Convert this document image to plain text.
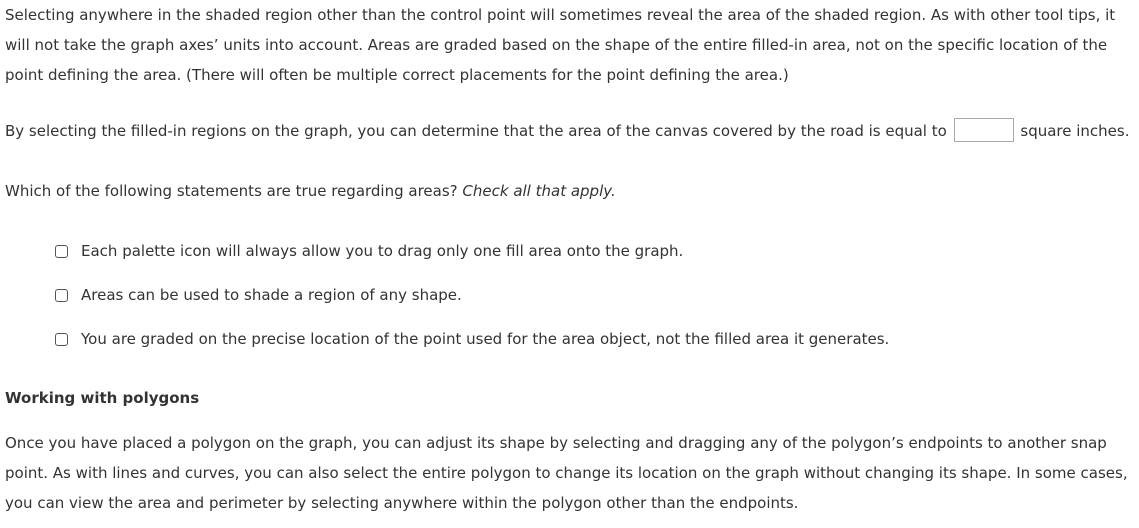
Selecting anywhere in the shaded region other than the control point will sometimes reveal the area of the shaded region. As with other tool tips, it will not take the graph axes’ units into account. Areas are graded based on the shape of the entire filled-in area, not on the specific location of the point defining the area. (There will often be multiple correct placements for the point defining the area.)

By selecting the filled-in regions on the graph, you can determine that the area of the canvas covered by the road is equal to	square inches.

Which of the following statements are true regarding areas? Check all that apply.

Each palette icon will always allow you to drag only one fill area onto the graph.
Areas can be used to shade a region of any shape.
You are graded on the precise location of the point used for the area object, not the filled area it generates.
Working with polygons

Once you have placed a polygon on the graph, you can adjust its shape by selecting and dragging any of the polygon’s endpoints to another snap point. As with lines and curves, you can also select the entire polygon to change its location on the graph without changing its shape. In some cases, you can view the area and perimeter by selecting anywhere within the polygon other than the endpoints.
